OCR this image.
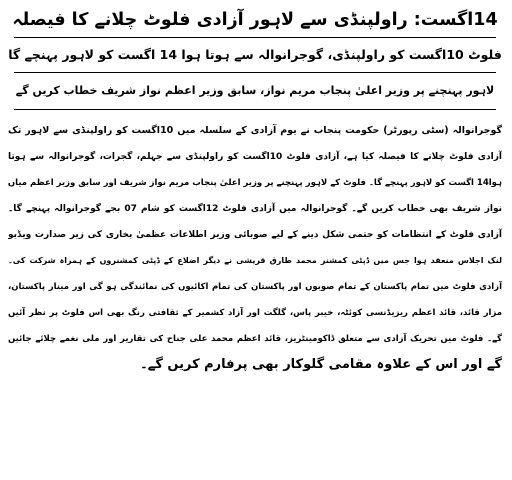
14اگست: راولپنڈی سے لاہور آزادی فلوٹ چلانے کا فیصلہ
فلوٹ 10اگست کو راولپنڈی، گوجرانوالہ سے ہوتا ہوا 14 اگست کو لاہور پہنچے گا
لاہور پہنچنے پر وزیر اعلیٰ پنجاب مریم نواز، سابق وزیر اعظم نواز شریف خطاب کریں گے
گوجرانوالہ (سٹی رپورٹر) حکومت پنجاب نے یوم آزادی کے سلسلہ میں 10اگست کو راولپنڈی سے لاہور تک
آزادی فلوٹ چلانے کا فیصلہ کیا ہے، آزادی فلوٹ 10اگست کو راولپنڈی سے جہلم، گجرات، گوجرانوالہ سے ہوتا
ہوا14 اگست کو لاہور پہنچے گا۔ فلوٹ کے لاہور پہنچنے پر وزیر اعلیٰ پنجاب مریم نواز شریف اور سابق وزیر اعظم میاں
نواز شریف بھی خطاب کریں گے۔ گوجرانوالہ میں آزادی فلوٹ 12اگست کو شام 07 بجے گوجرانوالہ پہنچے گا۔
آزادی فلوٹ کے انتظامات کو حتمی شکل دینے کے لیے صوبائی وزیر اطلاعات عظمیٰ بخاری کی زیر صدارت ویڈیو
لنک اجلاس منعقد ہوا جس میں ڈپٹی کمشنر محمد طارق قریشی نے دیگر اضلاع کے ڈپٹی کمشنروں کے ہمراہ شرکت کی۔
آزادی فلوٹ میں تمام پاکستان کے تمام صوبوں اور پاکستان کی تمام اکائیوں کی نمائندگی ہو گی اور مینار پاکستان،
مزار قائد، قائد اعظم ریزیڈنسی کوئٹہ، خیبر پاس، گلگت اور آزاد کشمیر کے ثقافتی رنگ بھی اس فلوٹ پر نظر آئیں
گے۔ فلوٹ میں تحریک آزادی سے متعلق ڈاکومینٹریز، قائد اعظم محمد علی جناح کی تقاریر اور ملی نغمے چلائے جائیں
گے اور اس کے علاوہ مقامی گلوکار بھی پرفارم کریں گے۔
